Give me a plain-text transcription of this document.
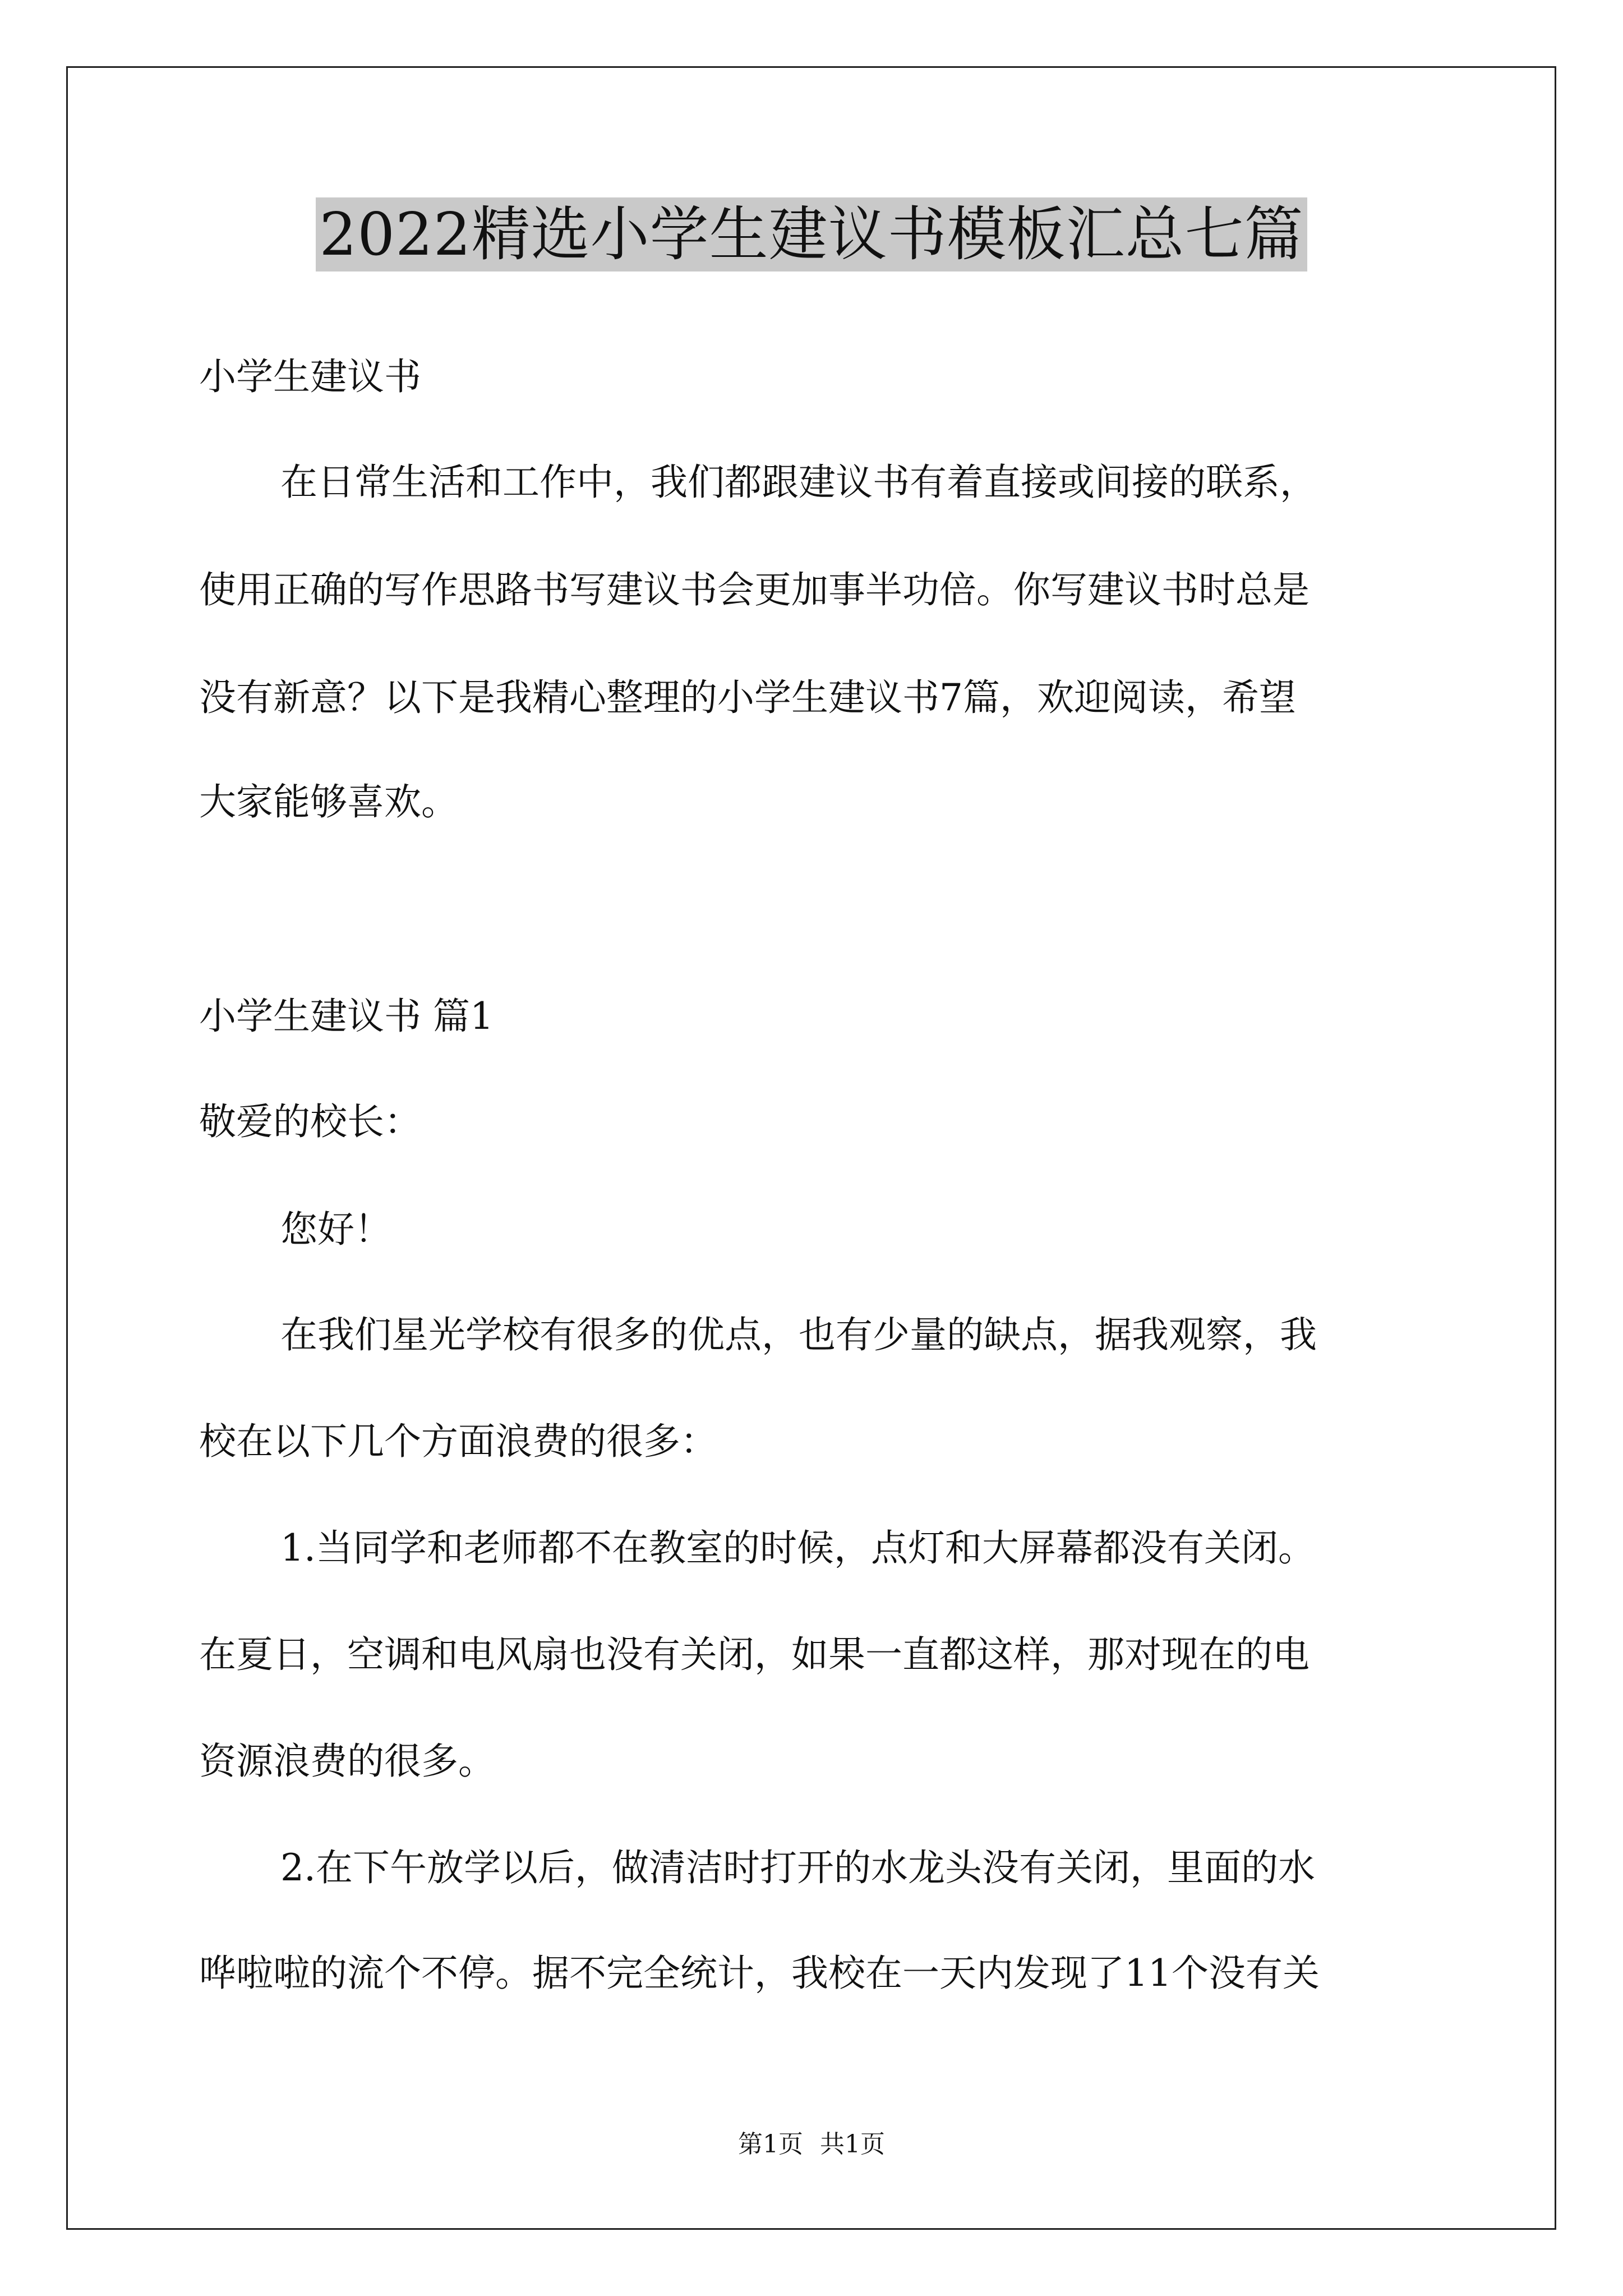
2022精选小学生建议书模板汇总七篇
小学生建议书
在日常生活和工作中，我们都跟建议书有着直接或间接的联系，
使用正确的写作思路书写建议书会更加事半功倍。你写建议书时总是
没有新意？以下是我精心整理的小学生建议书7篇，欢迎阅读，希望
大家能够喜欢。
小学生建议书 篇1
敬爱的校长：
您好！
在我们星光学校有很多的优点，也有少量的缺点，据我观察，我
校在以下几个方面浪费的很多：
1.当同学和老师都不在教室的时候，点灯和大屏幕都没有关闭。
在夏日，空调和电风扇也没有关闭，如果一直都这样，那对现在的电
资源浪费的很多。
2.在下午放学以后，做清洁时打开的水龙头没有关闭，里面的水
哗啦啦的流个不停。据不完全统计，我校在一天内发现了11个没有关
第1页 共1页
